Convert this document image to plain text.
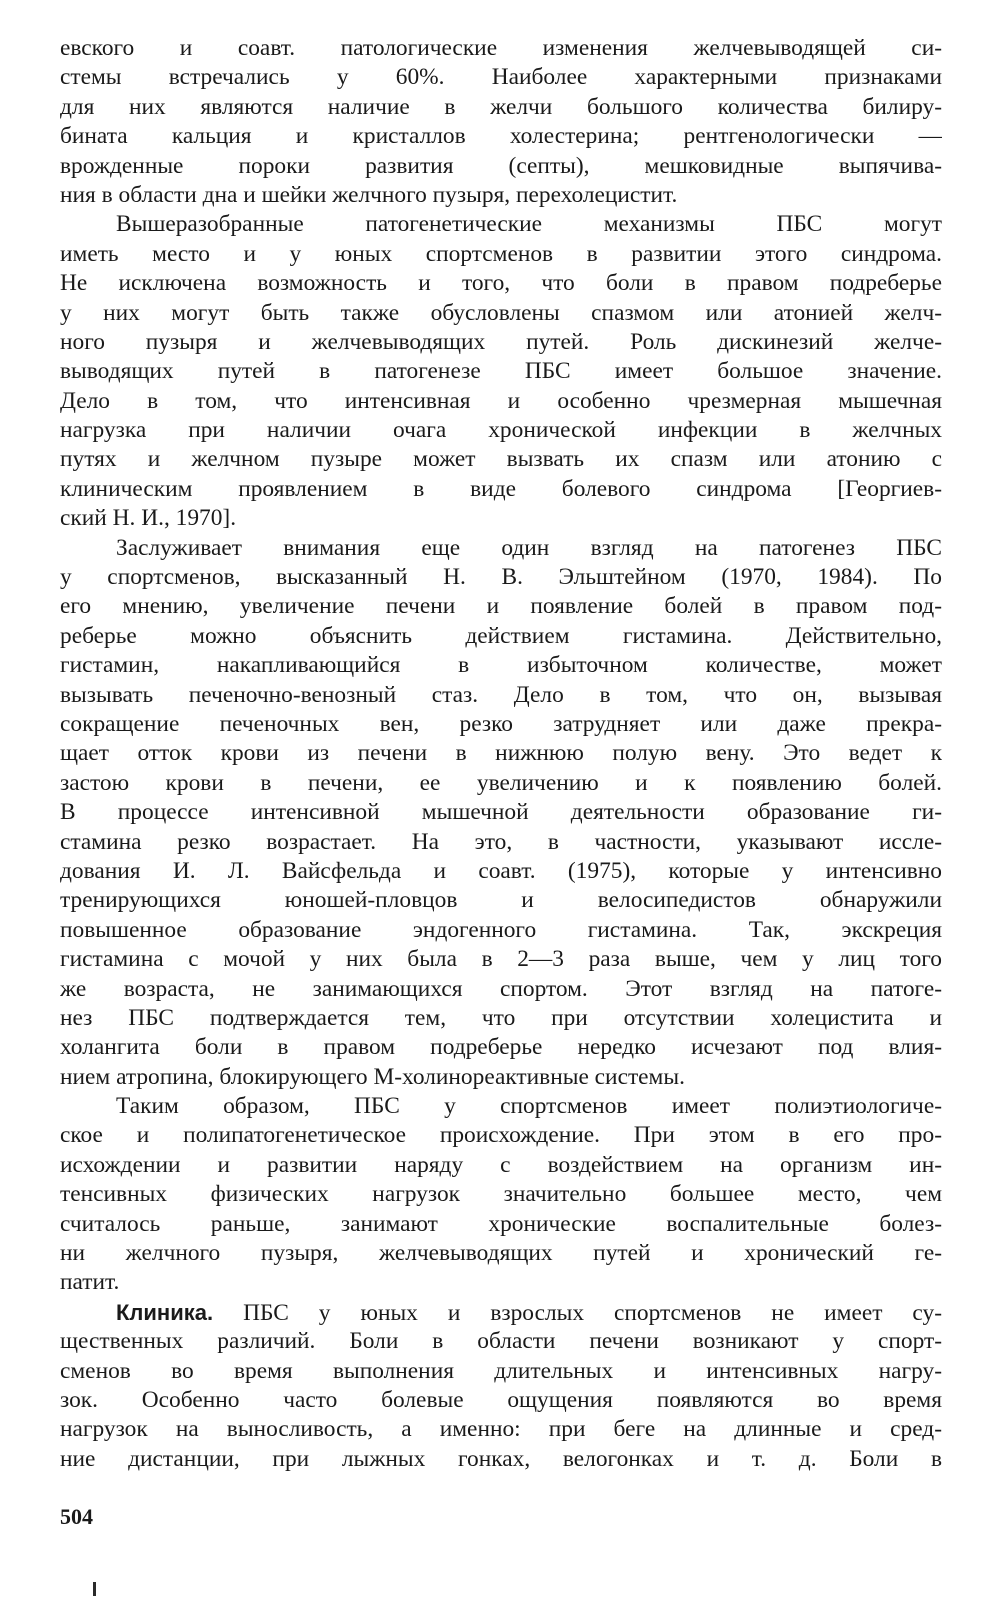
евского и соавт. патологические изменения желчевыводящей си-
стемы встречались у 60%. Наиболее характерными признаками
для них являются наличие в желчи большого количества билиру-
бината кальция и кристаллов холестерина; рентгенологически —
врожденные пороки развития (септы), мешковидные выпячива-
ния в области дна и шейки желчного пузыря, перехолецистит.
Вышеразобранные патогенетические механизмы ПБС могут
иметь место и у юных спортсменов в развитии этого синдрома.
Не исключена возможность и того, что боли в правом подреберье
у них могут быть также обусловлены спазмом или атонией желч-
ного пузыря и желчевыводящих путей. Роль дискинезий желче-
выводящих путей в патогенезе ПБС имеет большое значение.
Дело в том, что интенсивная и особенно чрезмерная мышечная
нагрузка при наличии очага хронической инфекции в желчных
путях и желчном пузыре может вызвать их спазм или атонию с
клиническим проявлением в виде болевого синдрома [Георгиев-
ский Н. И., 1970].
Заслуживает внимания еще один взгляд на патогенез ПБС
у спортсменов, высказанный Н. В. Эльштейном (1970, 1984). По
его мнению, увеличение печени и появление болей в правом под-
реберье можно объяснить действием гистамина. Действительно,
гистамин, накапливающийся в избыточном количестве, может
вызывать печеночно-венозный стаз. Дело в том, что он, вызывая
сокращение печеночных вен, резко затрудняет или даже прекра-
щает отток крови из печени в нижнюю полую вену. Это ведет к
застою крови в печени, ее увеличению и к появлению болей.
В процессе интенсивной мышечной деятельности образование ги-
стамина резко возрастает. На это, в частности, указывают иссле-
дования И. Л. Вайсфельда и соавт. (1975), которые у интенсивно
тренирующихся юношей-пловцов и велосипедистов обнаружили
повышенное образование эндогенного гистамина. Так, экскреция
гистамина с мочой у них была в 2—3 раза выше, чем у лиц того
же возраста, не занимающихся спортом. Этот взгляд на патоге-
нез ПБС подтверждается тем, что при отсутствии холецистита и
холангита боли в правом подреберье нередко исчезают под влия-
нием атропина, блокирующего М-холинореактивные системы.
Таким образом, ПБС у спортсменов имеет полиэтиологиче-
ское и полипатогенетическое происхождение. При этом в его про-
исхождении и развитии наряду с воздействием на организм ин-
тенсивных физических нагрузок значительно большее место, чем
считалось раньше, занимают хронические воспалительные болез-
ни желчного пузыря, желчевыводящих путей и хронический ге-
патит.
Клиника. ПБС у юных и взрослых спортсменов не имеет су-
щественных различий. Боли в области печени возникают у спорт-
сменов во время выполнения длительных и интенсивных нагру-
зок. Особенно часто болевые ощущения появляются во время
нагрузок на выносливость, а именно: при беге на длинные и сред-
ние дистанции, при лыжных гонках, велогонках и т. д. Боли в
504
